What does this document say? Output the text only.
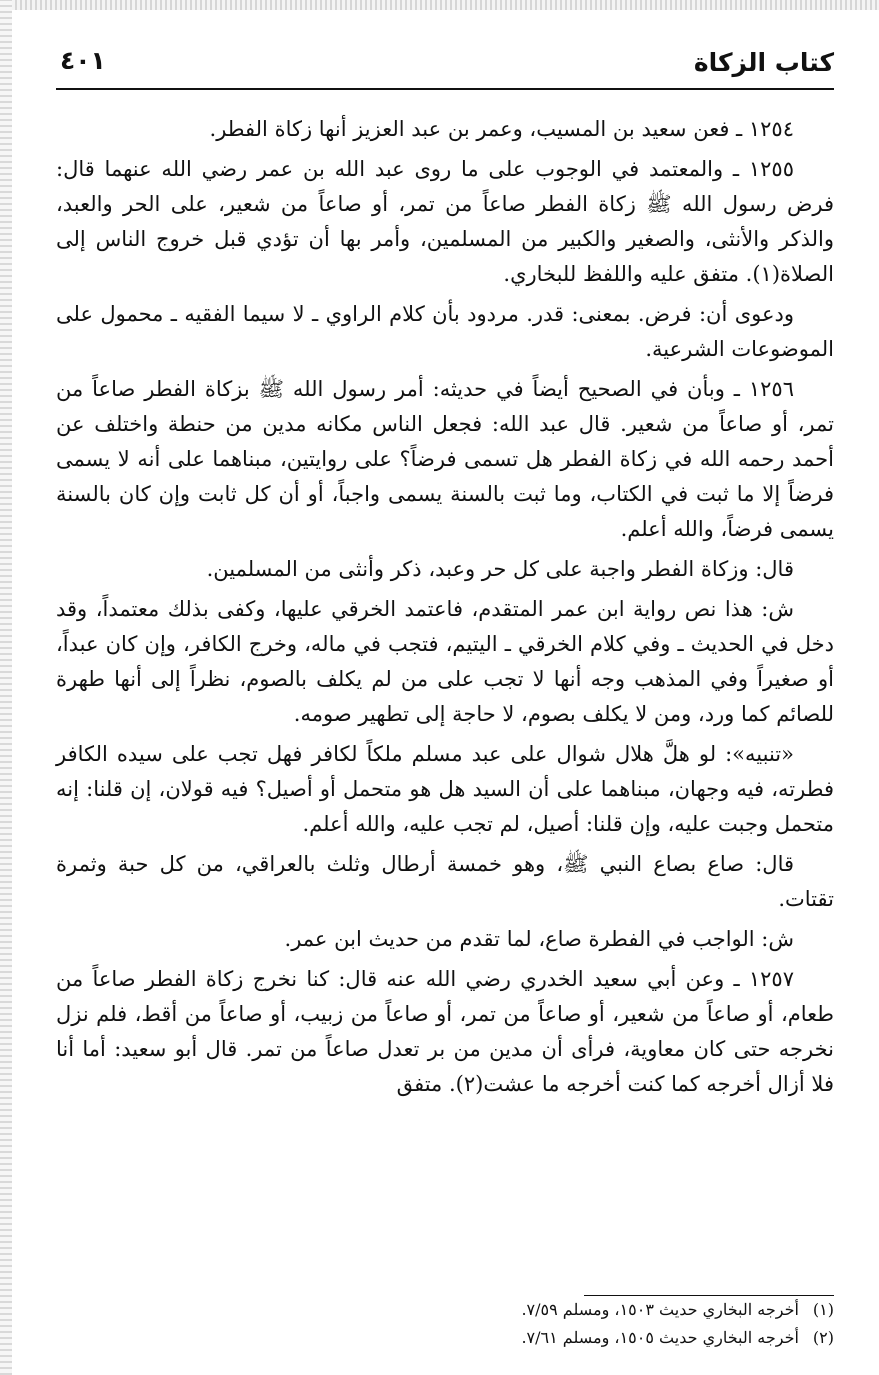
كتاب الزكاة
٤٠١

١٢٥٤ ـ فعن سعيد بن المسيب، وعمر بن عبد العزيز أنها زكاة الفطر.

١٢٥٥ ـ والمعتمد في الوجوب على ما روى عبد الله بن عمر رضي الله عنهما قال: فرض رسول الله ﷺ زكاة الفطر صاعاً من تمر، أو صاعاً من شعير، على الحر والعبد، والذكر والأنثى، والصغير والكبير من المسلمين، وأمر بها أن تؤدي قبل خروج الناس إلى الصلاة(١). متفق عليه واللفظ للبخاري.

ودعوى أن: فرض. بمعنى: قدر. مردود بأن كلام الراوي ـ لا سيما الفقيه ـ محمول على الموضوعات الشرعية.

١٢٥٦ ـ وبأن في الصحيح أيضاً في حديثه: أمر رسول الله ﷺ بزكاة الفطر صاعاً من تمر، أو صاعاً من شعير. قال عبد الله: فجعل الناس مكانه مدين من حنطة واختلف عن أحمد رحمه الله في زكاة الفطر هل تسمى فرضاً؟ على روايتين، مبناهما على أنه لا يسمى فرضاً إلا ما ثبت في الكتاب، وما ثبت بالسنة يسمى واجباً، أو أن كل ثابت وإن كان بالسنة يسمى فرضاً، والله أعلم.

قال: وزكاة الفطر واجبة على كل حر وعبد، ذكر وأنثى من المسلمين.

ش: هذا نص رواية ابن عمر المتقدم، فاعتمد الخرقي عليها، وكفى بذلك معتمداً، وقد دخل في الحديث ـ وفي كلام الخرقي ـ اليتيم، فتجب في ماله، وخرج الكافر، وإن كان عبداً، أو صغيراً وفي المذهب وجه أنها لا تجب على من لم يكلف بالصوم، نظراً إلى أنها طهرة للصائم كما ورد، ومن لا يكلف بصوم، لا حاجة إلى تطهير صومه.

«تنبيه»: لو هلَّ هلال شوال على عبد مسلم ملكاً لكافر فهل تجب على سيده الكافر فطرته، فيه وجهان، مبناهما على أن السيد هل هو متحمل أو أصيل؟ فيه قولان، إن قلنا: إنه متحمل وجبت عليه، وإن قلنا: أصيل، لم تجب عليه، والله أعلم.

قال: صاع بصاع النبي ﷺ، وهو خمسة أرطال وثلث بالعراقي، من كل حبة وثمرة تقتات.

ش: الواجب في الفطرة صاع، لما تقدم من حديث ابن عمر.

١٢٥٧ ـ وعن أبي سعيد الخدري رضي الله عنه قال: كنا نخرج زكاة الفطر صاعاً من طعام، أو صاعاً من شعير، أو صاعاً من تمر، أو صاعاً من زبيب، أو صاعاً من أقط، فلم نزل نخرجه حتى كان معاوية، فرأى أن مدين من بر تعدل صاعاً من تمر. قال أبو سعيد: أما أنا فلا أزال أخرجه كما كنت أخرجه ما عشت(٢). متفق

(١)أخرجه البخاري حديث ١٥٠٣، ومسلم ٧/٥٩.

(٢)أخرجه البخاري حديث ١٥٠٥، ومسلم ٧/٦١.
